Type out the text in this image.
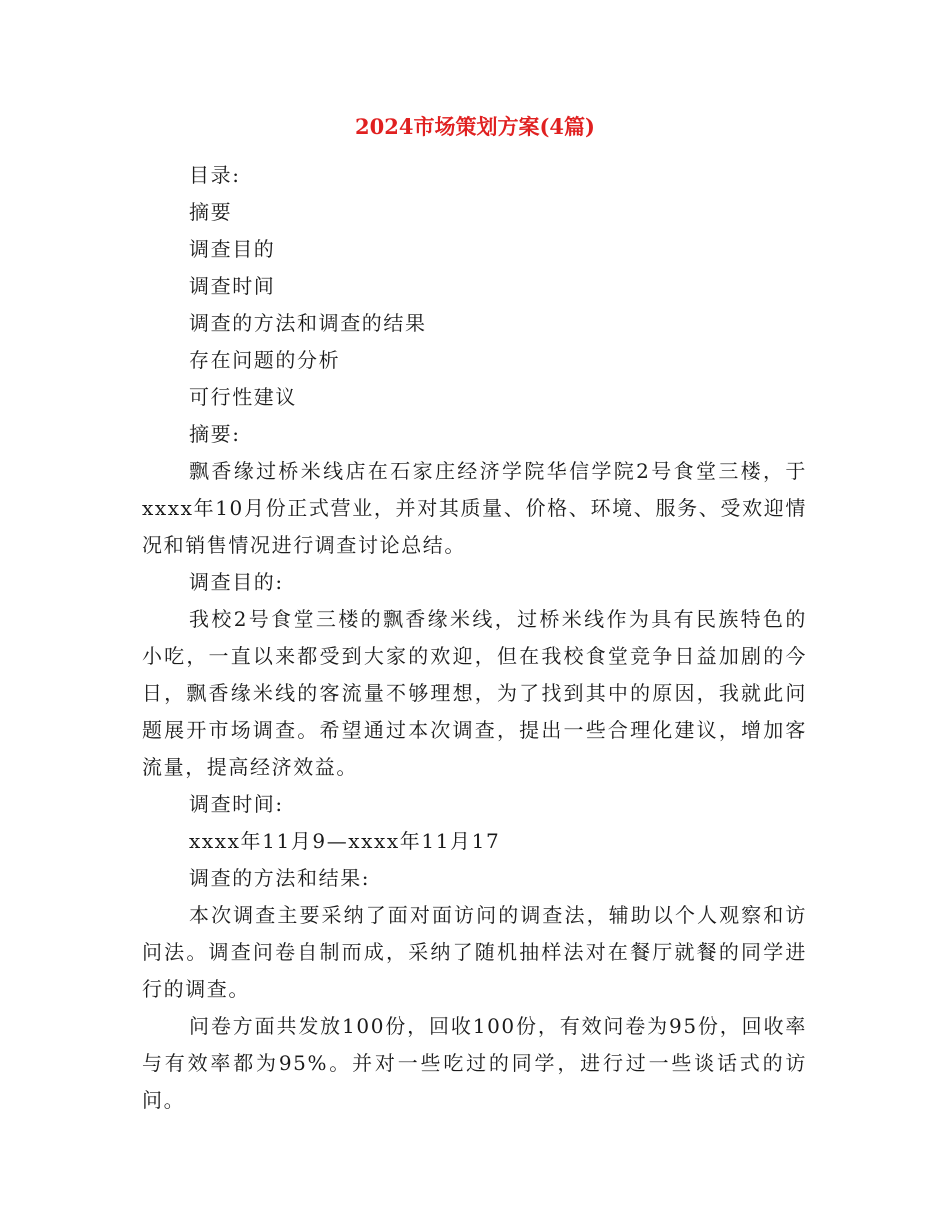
2024市场策划方案(4篇)

目录:

摘要

调查目的

调查时间

调查的方法和调查的结果

存在问题的分析

可行性建议

摘要:

飘香缘过桥米线店在石家庄经济学院华信学院2号食堂三楼，于xxxx年10月份正式营业，并对其质量、价格、环境、服务、受欢迎情况和销售情况进行调查讨论总结。

调查目的:

我校2号食堂三楼的飘香缘米线，过桥米线作为具有民族特色的小吃，一直以来都受到大家的欢迎，但在我校食堂竞争日益加剧的今日，飘香缘米线的客流量不够理想，为了找到其中的原因，我就此问题展开市场调查。希望通过本次调查，提出一些合理化建议，增加客流量，提高经济效益。

调查时间:

xxxx年11月9—xxxx年11月17

调查的方法和结果:

本次调查主要采纳了面对面访问的调查法，辅助以个人观察和访问法。调查问卷自制而成，采纳了随机抽样法对在餐厅就餐的同学进行的调查。

问卷方面共发放100份，回收100份，有效问卷为95份，回收率与有效率都为95%。并对一些吃过的同学，进行过一些谈话式的访问。
